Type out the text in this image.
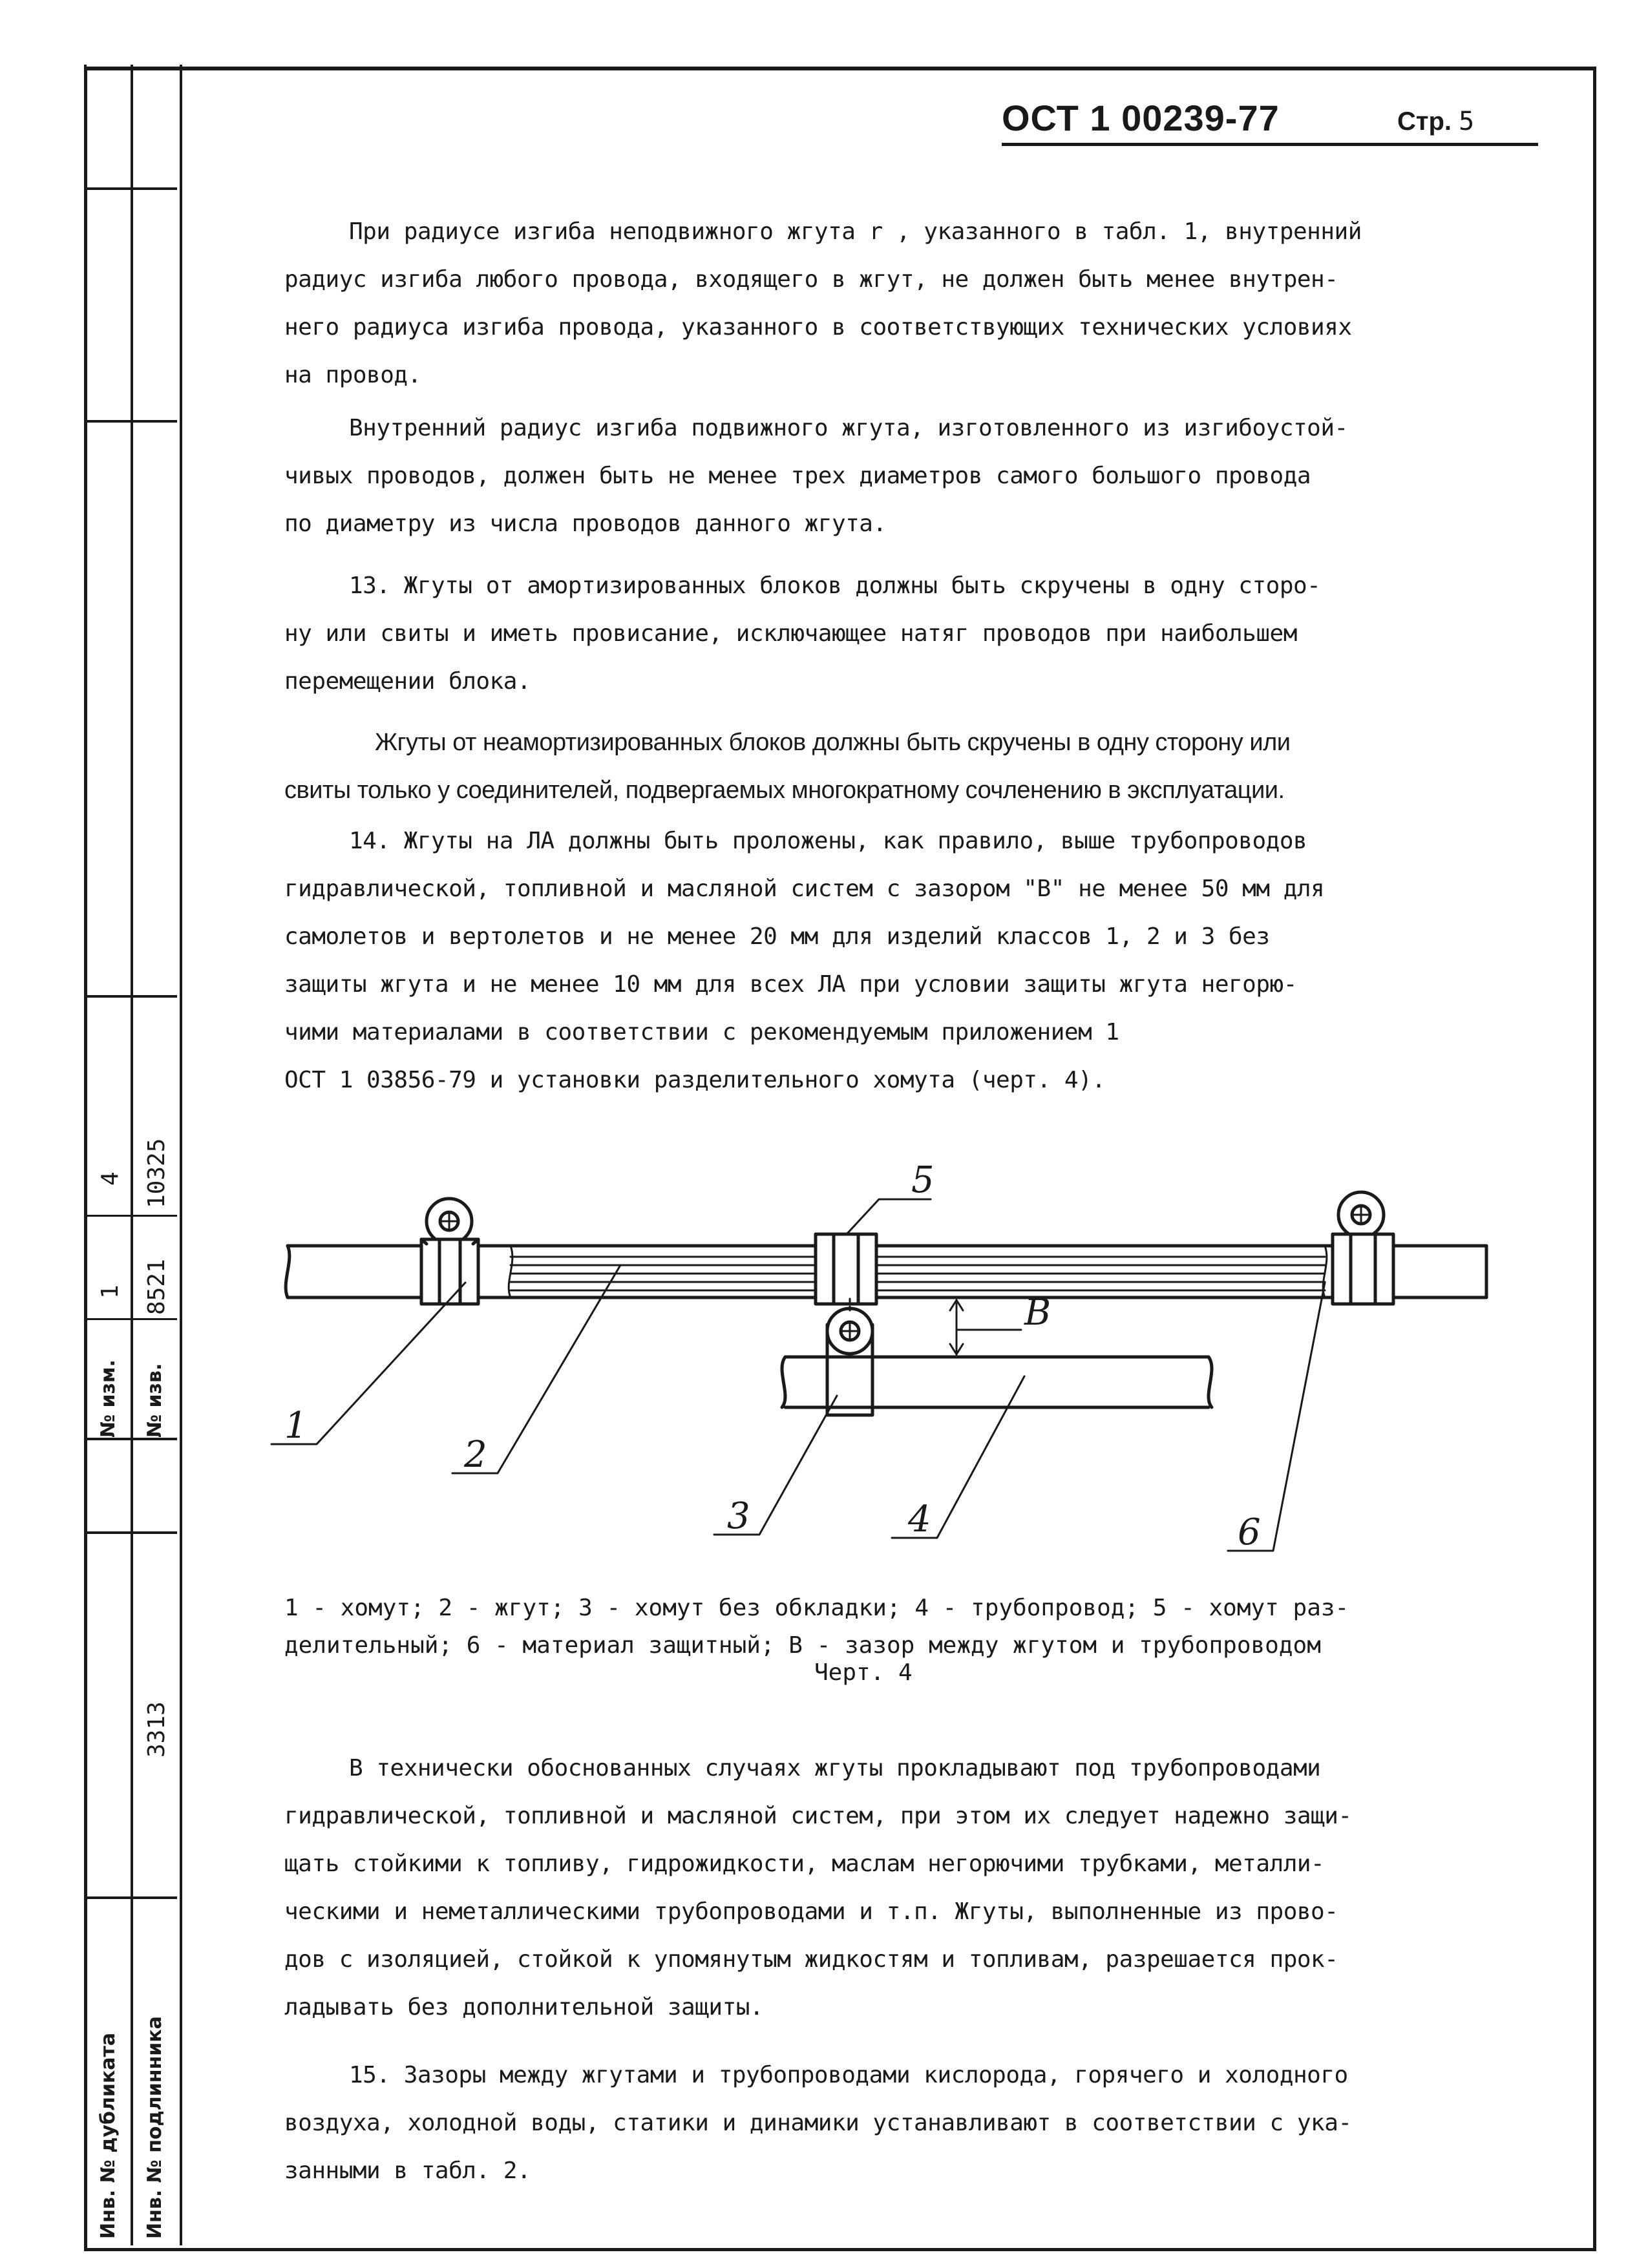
№ изм. № изв.
1 8521
4 10325
Инв. № дубликата Инв. № подлинника
3313
ОСТ 1 00239-77	Стр. 5

При радиусе изгиба неподвижного жгута r , указанного в табл. 1, внутренний
радиус изгиба любого провода, входящего в жгут, не должен быть менее внутрен-
него радиуса изгиба провода, указанного в соответствующих технических условиях
на провод.

Внутренний радиус изгиба подвижного жгута, изготовленного из изгибоустой-
чивых проводов, должен быть не менее трех диаметров самого большого провода
по диаметру из числа проводов данного жгута.

13. Жгуты от амортизированных блоков должны быть скручены в одну сторо-
ну или свиты и иметь провисание, исключающее натяг проводов при наибольшем
перемещении блока.

Жгуты от неамортизированных блоков должны быть скручены в одну сторону или
свиты только у соединителей, подвергаемых многократному сочленению в эксплуатации.

14. Жгуты на ЛА должны быть проложены, как правило, выше трубопроводов
гидравлической, топливной и масляной систем с зазором "В" не менее 50 мм для
самолетов и вертолетов и не менее 20 мм для изделий классов 1, 2 и 3 без
защиты жгута и не менее 10 мм для всех ЛА при условии защиты жгута негорю-
чими материалами в соответствии с рекомендуемым приложением 1
ОСТ 1 03856-79 и установки разделительного хомута (черт. 4).

1
2
3	4
5
6
В
1 - хомут; 2 - жгут; 3 - хомут без обкладки; 4 - трубопровод; 5 - хомут раз-
делительный; 6 - материал защитный; В - зазор между жгутом и трубопроводом
Черт. 4

В технически обоснованных случаях жгуты прокладывают под трубопроводами
гидравлической, топливной и масляной систем, при этом их следует надежно защи-
щать стойкими к топливу, гидрожидкости, маслам негорючими трубками, металли-
ческими и неметаллическими трубопроводами и т.п. Жгуты, выполненные из прово-
дов с изоляцией, стойкой к упомянутым жидкостям и топливам, разрешается прок-
ладывать без дополнительной защиты.

15. Зазоры между жгутами и трубопроводами кислорода, горячего и холодного
воздуха, холодной воды, статики и динамики устанавливают в соответствии с ука-
занными в табл. 2.
